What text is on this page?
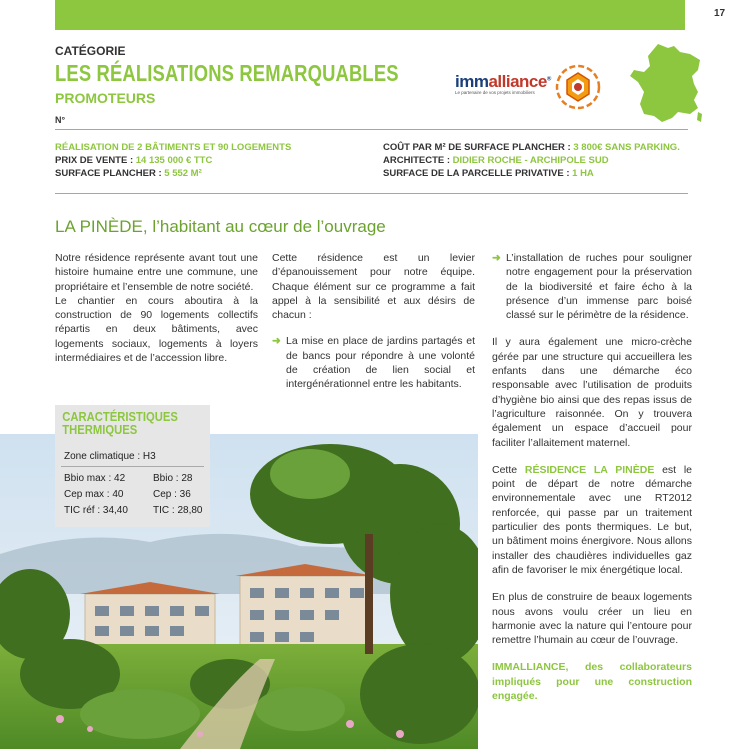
17
CATÉGORIE
LES RÉALISATIONS REMARQUABLES
PROMOTEURS
N°
immalliance®
Le partenaire de vos projets immobiliers
RÉALISATION DE 2 BÂTIMENTS ET 90 LOGEMENTS
PRIX DE VENTE : 14 135 000 € TTC
SURFACE PLANCHER : 5 552 M²
COÛT PAR M² DE SURFACE PLANCHER : 3 800€ SANS PARKING.
ARCHITECTE : DIDIER ROCHE - ARCHIPOLE SUD
SURFACE DE LA PARCELLE PRIVATIVE : 1 HA
LA PINÈDE, l’habitant au cœur de l’ouvrage

Notre résidence représente avant tout une histoire humaine entre une commune, une propriétaire et l’ensemble de notre société.

Le chantier en cours aboutira à la construction de 90 logements collectifs répartis en deux bâtiments, avec logements sociaux, logements à loyers intermédiaires et de l’accession libre.

Cette résidence est un levier d’épanouissement pour notre équipe. Chaque élément sur ce programme a fait appel à la sensibilité et aux désirs de chacun :

➜ La mise en place de jardins partagés et de bancs pour répondre à une volonté de création de lien social et intergénérationnel entre les habitants.

➜ L’installation de ruches pour souligner notre engagement pour la préservation de la biodiversité et faire écho à la présence d’un immense parc boisé classé sur le périmètre de la résidence.

Il y aura également une micro-crèche gérée par une structure qui accueillera les enfants dans une démarche éco responsable avec l’utilisation de produits d’hygiène bio ainsi que des repas issus de l’agriculture raisonnée. On y trouvera également un espace d’accueil pour faciliter l’allaitement maternel.

Cette RÉSIDENCE LA PINÈDE est le point de départ de notre démarche environnementale avec une RT2012 renforcée, qui passe par un traitement particulier des ponts thermiques. Le but, un bâtiment moins énergivore. Nous allons installer des chaudières individuelles gaz afin de favoriser le mix énergétique local.

En plus de construire de beaux logements nous avons voulu créer un lieu en harmonie avec la nature qui l’entoure pour remettre l’humain au cœur de l’ouvrage.

IMMALLIANCE, des collaborateurs impliqués pour une construction engagée.

CARACTÉRISTIQUES
THERMIQUES
Zone climatique : H3
Bbio max : 42	Bbio : 28
Cep max : 40	Cep : 36
TIC réf : 34,40	TIC : 28,80
